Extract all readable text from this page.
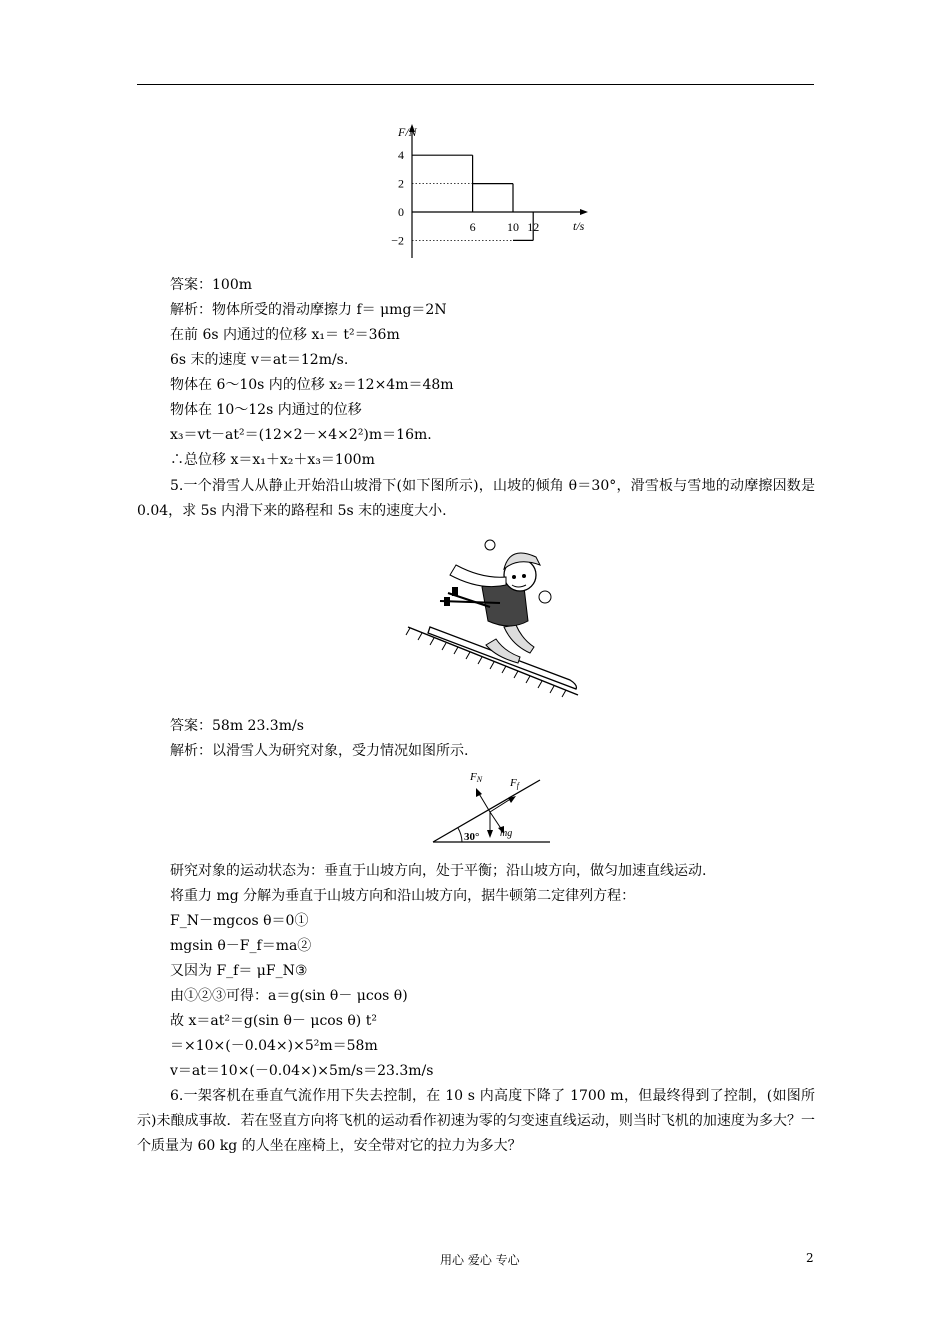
F/N
t/s
4
2
0
−2
6	10 12
答案：100m
解析：物体所受的滑动摩擦力 f＝ μmg＝2N
在前 6s 内通过的位移 x₁＝ t²＝36m
6s 末的速度 v＝at＝12m/s.
物体在 6～10s 内的位移 x₂＝12×4m＝48m
物体在 10～12s 内通过的位移
x₃＝vt－at²＝(12×2－×4×2²)m＝16m.
∴总位移 x＝x₁＋x₂＋x₃＝100m
5.一个滑雪人从静止开始沿山坡滑下(如下图所示)，山坡的倾角 θ＝30°，滑雪板与雪地的动摩擦因数是 0.04，求 5s 内滑下来的路程和 5s 末的速度大小.
答案：58m 23.3m/s
解析：以滑雪人为研究对象，受力情况如图所示.
FN	Ff
mg
30°
研究对象的运动状态为：垂直于山坡方向，处于平衡；沿山坡方向，做匀加速直线运动.
将重力 mg 分解为垂直于山坡方向和沿山坡方向，据牛顿第二定律列方程：
F_N－mgcos θ＝0①
mgsin θ－F_f＝ma②
又因为 F_f＝ μF_N③
由①②③可得：a＝g(sin θ－ μcos θ)
故 x＝at²＝g(sin θ－ μcos θ) t²
＝×10×(－0.04×)×5²m＝58m
v＝at＝10×(－0.04×)×5m/s＝23.3m/s
6.一架客机在垂直气流作用下失去控制，在 10 s 内高度下降了 1700 m，但最终得到了控制，(如图所示)未酿成事故．若在竖直方向将飞机的运动看作初速为零的匀变速直线运动，则当时飞机的加速度为多大？一个质量为 60 kg 的人坐在座椅上，安全带对它的拉力为多大？
用心 爱心 专心	2
